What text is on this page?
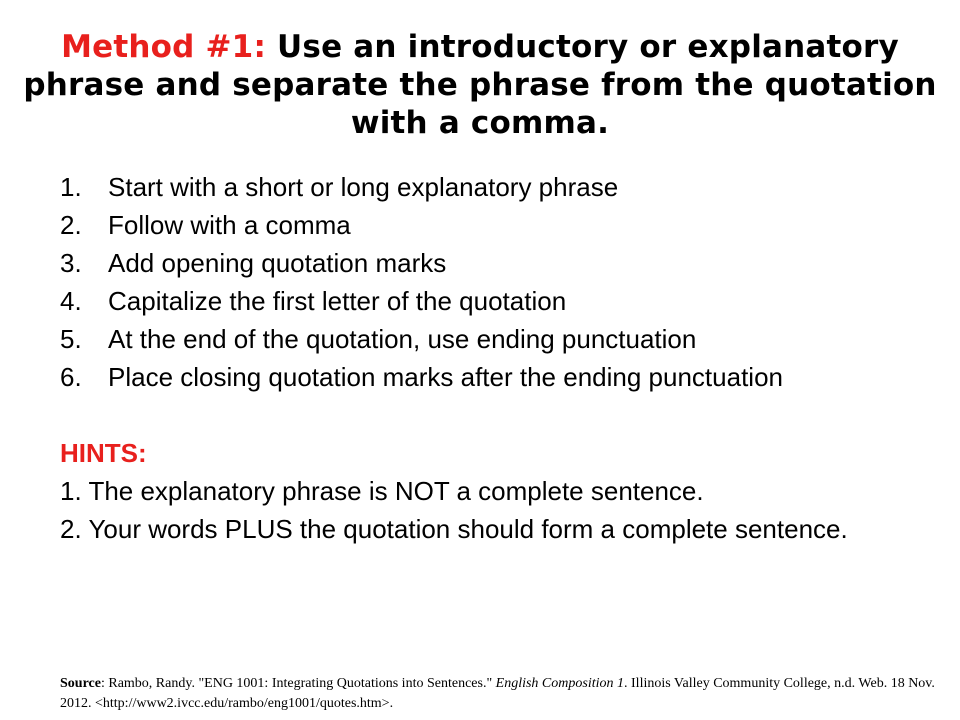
Method #1: Use an introductory or explanatory phrase and separate the phrase from the quotation with a comma.
1.	Start with a short or long explanatory phrase
2.	Follow with a comma
3.	Add opening quotation marks
4.	Capitalize the first letter of the quotation
5.	At the end of the quotation, use ending punctuation
6.	Place closing quotation marks after the ending punctuation
HINTS:
1. The explanatory phrase is NOT a complete sentence.
2. Your words PLUS the quotation should form a complete sentence.
Source: Rambo, Randy. "ENG 1001: Integrating Quotations into Sentences." English Composition 1. Illinois Valley Community College, n.d. Web. 18 Nov. 2012. <http://www2.ivcc.edu/rambo/eng1001/quotes.htm>.
